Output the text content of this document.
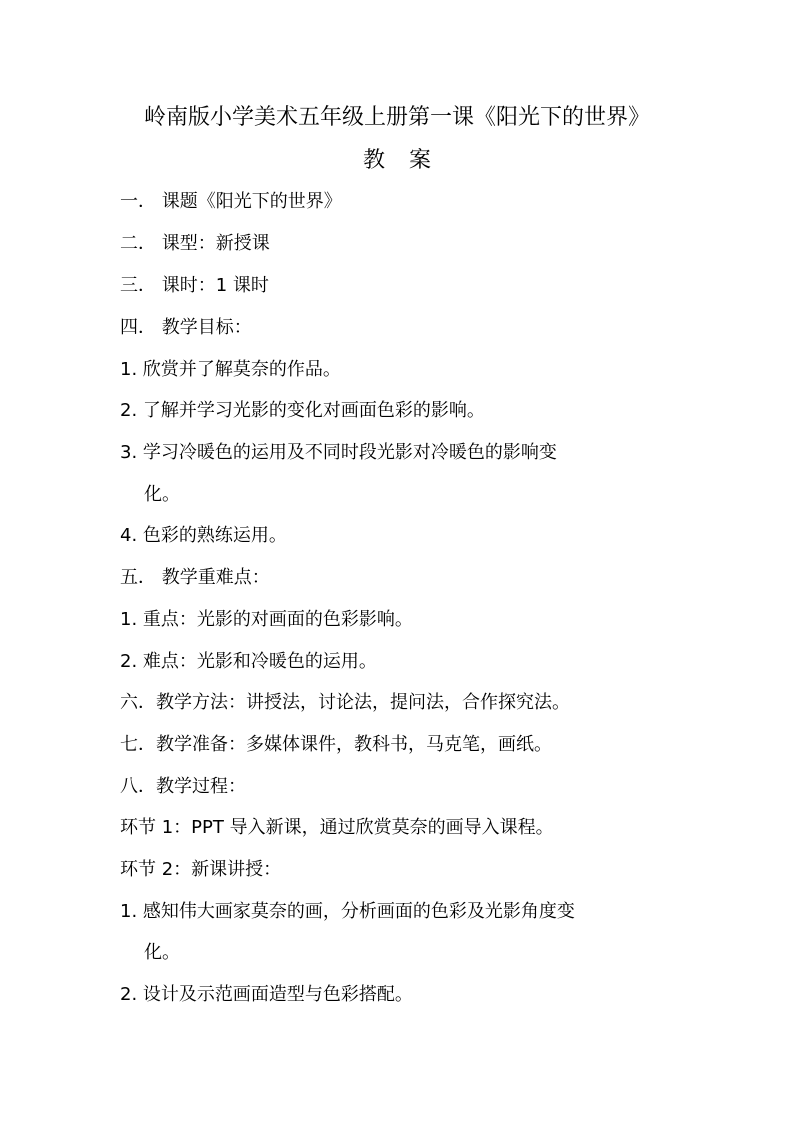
岭南版小学美术五年级上册第一课《阳光下的世界》
教 案
一． 课题《阳光下的世界》
二． 课型：新授课
三． 课时：1 课时
四． 教学目标：
1. 欣赏并了解莫奈的作品。
2. 了解并学习光影的变化对画面色彩的影响。
3. 学习冷暖色的运用及不同时段光影对冷暖色的影响变
化。
4. 色彩的熟练运用。
五． 教学重难点：
1. 重点：光影的对画面的色彩影响。
2. 难点：光影和冷暖色的运用。
六．教学方法：讲授法，讨论法，提问法，合作探究法。
七．教学准备：多媒体课件，教科书，马克笔，画纸。
八．教学过程：
环节 1：PPT 导入新课，通过欣赏莫奈的画导入课程。
环节 2：新课讲授：
1. 感知伟大画家莫奈的画，分析画面的色彩及光影角度变
化。
2. 设计及示范画面造型与色彩搭配。
